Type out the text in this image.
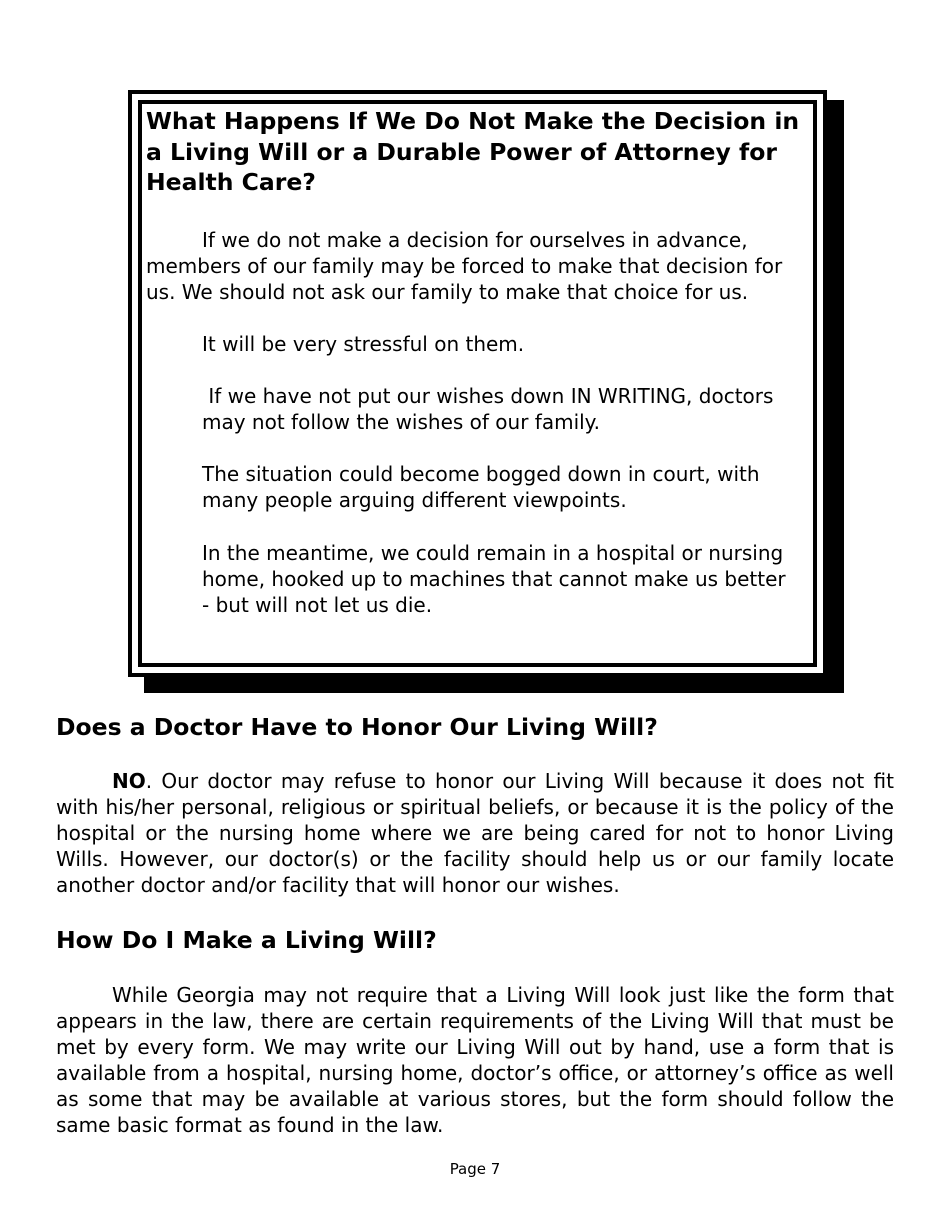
What Happens If We Do Not Make the Decision in a Living Will or a Durable Power of Attorney for Health Care?

If we do not make a decision for ourselves in advance, members of our family may be forced to make that decision for us. We should not ask our family to make that choice for us.

It will be very stressful on them.

If we have not put our wishes down IN WRITING, doctors may not follow the wishes of our family.

The situation could become bogged down in court, with many people arguing different viewpoints.

In the meantime, we could remain in a hospital or nursing home, hooked up to machines that cannot make us better - but will not let us die.

Does a Doctor Have to Honor Our Living Will?

NO. Our doctor may refuse to honor our Living Will because it does not fit with his/her personal, religious or spiritual beliefs, or because it is the policy of the hospital or the nursing home where we are being cared for not to honor Living Wills. However, our doctor(s) or the facility should help us or our family locate another doctor and/or facility that will honor our wishes.

How Do I Make a Living Will?

While Georgia may not require that a Living Will look just like the form that appears in the law, there are certain requirements of the Living Will that must be met by every form. We may write our Living Will out by hand, use a form that is available from a hospital, nursing home, doctor’s office, or attorney’s office as well as some that may be available at various stores, but the form should follow the same basic format as found in the law.

Page 7
